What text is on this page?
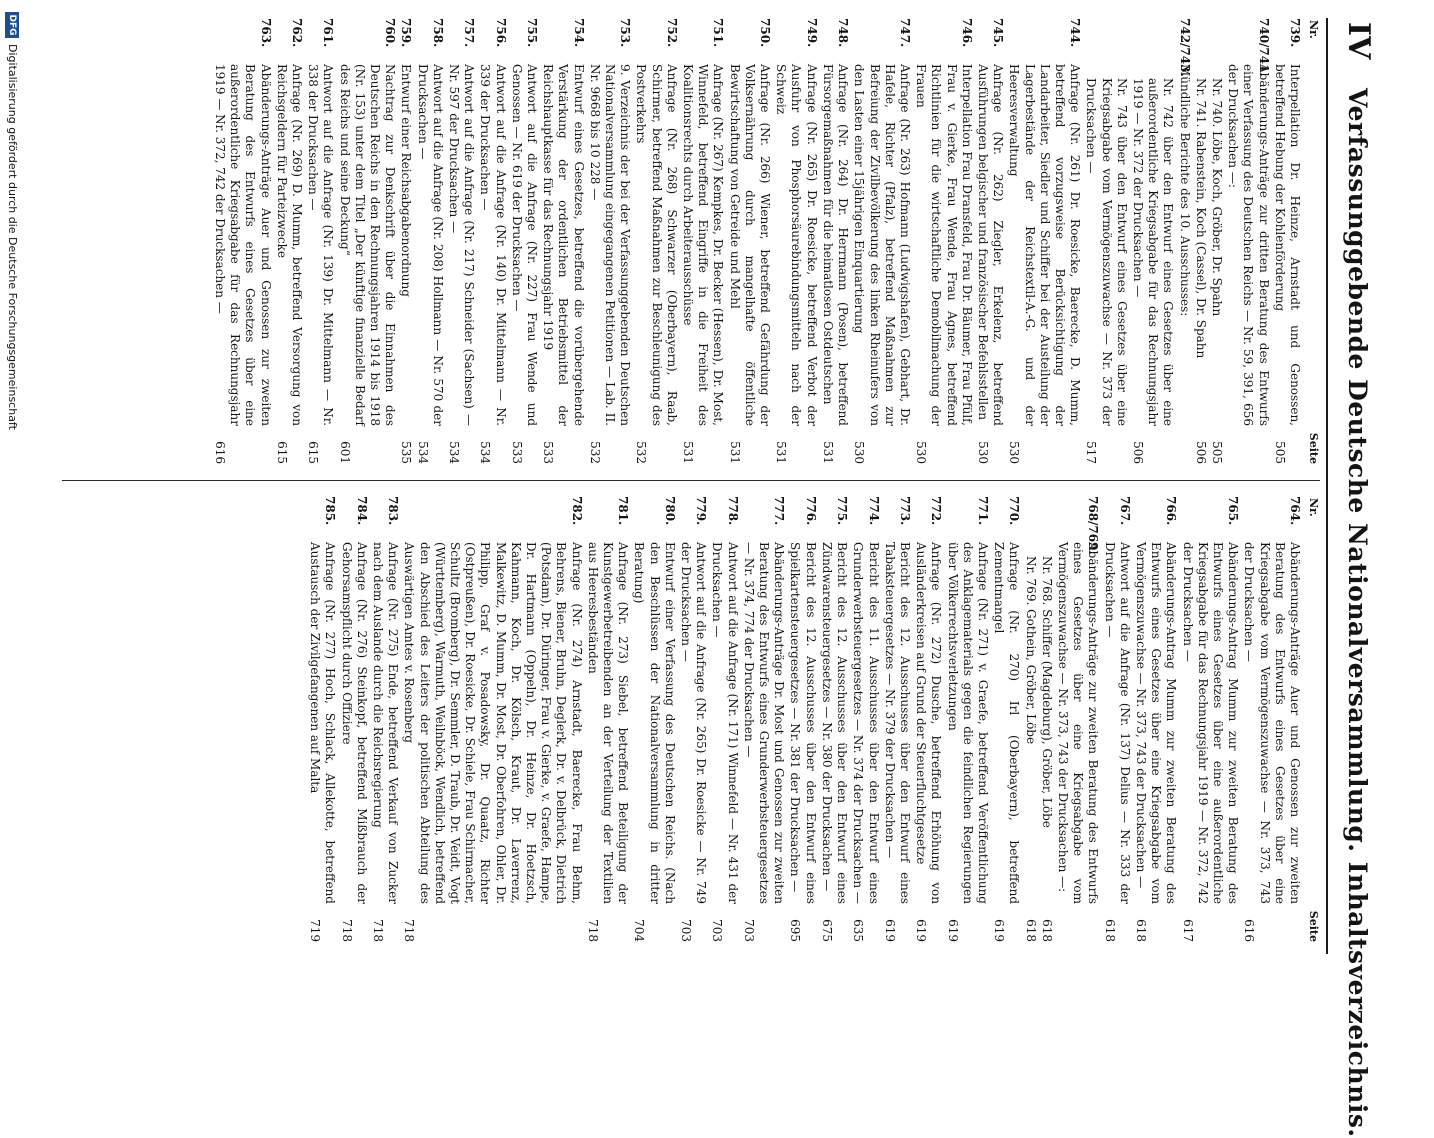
IV
Verfassunggebende Deutsche Nationalversammlung. Inhaltsverzeichnis.
Nr.
Seite
739.
Interpellation Dr. Heinze, Arnstadt und Genossen, betreffend Hebung der Kohlenförderung
505
740/741.
Abänderungs-Anträge zur dritten Beratung des Entwurfs einer Verfassung des Deutschen Reichs — Nr. 59, 391, 656 der Drucksachen —:
Nr. 740. Löbe, Koch, Gröber, Dr. Spahn
505
Nr. 741. Rabenstein, Koch (Cassel), Dr. Spahn
506
742/743.
Mündliche Berichte des 10. Ausschusses:
Nr. 742 über den Entwurf eines Gesetzes über eine außerordentliche Kriegsabgabe für das Rechnungsjahr 1919 — Nr. 372 der Drucksachen —
506
Nr. 743 über den Entwurf eines Gesetzes über eine Kriegsabgabe vom Vermögenszuwachse — Nr. 373 der Drucksachen —
517
744.
Anfrage (Nr. 261) Dr. Roesicke, Baerecke, D. Mumm, betreffend vorzugsweise Berücksichtigung der Landarbeiter, Siedler und Schiffer bei der Austeilung der Lagerbestände der Reichstextil-A.-G. und der Heeresverwaltung
530
745.
Anfrage (Nr. 262) Ziegler, Erkelenz, betreffend Ausführungen belgischer und französischer Befehlsstellen
530
746.
Interpellation Frau Dransfeld, Frau Dr. Bäumer, Frau Pfülf, Frau v. Gierke, Frau Wende, Frau Agnes, betreffend Richtlinien für die wirtschaftliche Demobilmachung der Frauen
530
747.
Anfrage (Nr. 263) Hofmann (Ludwigshafen), Gebhart, Dr. Hafele, Richter (Pfalz), betreffend Maßnahmen zur Befreiung der Zivilbevölkerung des linken Rheinufers von den Lasten einer 15jährigen Einquartierung
530
748.
Anfrage (Nr. 264) Dr. Herrmann (Posen), betreffend Fürsorgemaßnahmen für die heimatlosen Ostdeutschen
531
749.
Anfrage (Nr. 265) Dr. Roesicke, betreffend Verbot der Ausfuhr von Phosphorsäurebindungsmitteln nach der Schweiz
531
750.
Anfrage (Nr. 266) Wiener, betreffend Gefährdung der Volksernährung durch mangelhafte öffentliche Bewirtschaftung von Getreide und Mehl
531
751.
Anfrage (Nr. 267) Kempkes, Dr. Becker (Hessen), Dr. Most, Winnefeld, betreffend Eingriffe in die Freiheit des Koalitionsrechts durch Arbeiterausschüsse
531
752.
Anfrage (Nr. 268) Schwarzer (Oberbayern), Raab, Schirmer, betreffend Maßnahmen zur Beschleunigung des Postverkehrs
532
753.
9. Verzeichnis der bei der Verfassunggebenden Deutschen Nationalversammlung eingegangenen Petitionen — Lab. II. Nr. 9668 bis 10 228 —
532
754.
Entwurf eines Gesetzes, betreffend die vorübergehende Verstärkung der ordentlichen Betriebsmittel der Reichshauptkasse für das Rechnungsjahr 1919
533
755.
Antwort auf die Anfrage (Nr. 227) Frau Wende und Genossen — Nr. 619 der Drucksachen —
533
756.
Antwort auf die Anfrage (Nr. 140) Dr. Mittelmann — Nr. 339 der Drucksachen —
534
757.
Antwort auf die Anfrage (Nr. 217) Schneider (Sachsen) — Nr. 597 der Drucksachen —
534
758.
Antwort auf die Anfrage (Nr. 208) Hollmann — Nr. 570 der Drucksachen —
534
759.
Entwurf einer Reichsabgabenordnung
535
760.
Nachtrag zur Denkschrift über die Einnahmen des Deutschen Reichs in den Rechnungsjahren 1914 bis 1918 (Nr. 153) unter dem Titel „Der künftige finanzielle Bedarf des Reichs und seine Deckung“
601
761.
Antwort auf die Anfrage (Nr. 139) Dr. Mittelmann — Nr. 338 der Drucksachen —
615
762.
Anfrage (Nr. 269) D. Mumm, betreffend Versorgung von Reichsgeldern für Parteizwecke
615
763.
Abänderungs-Anträge Auer und Genossen zur zweiten Beratung des Entwurfs eines Gesetzes über eine außerordentliche Kriegsabgabe für das Rechnungsjahr 1919 — Nr. 372, 742 der Drucksachen —
616
Nr.
Seite
764.
Abänderungs-Anträge Auer und Genossen zur zweiten Beratung des Entwurfs eines Gesetzes über eine Kriegsabgabe vom Vermögenszuwachse — Nr. 373, 743 der Drucksachen —
616
765.
Abänderungs-Antrag Mumm zur zweiten Beratung des Entwurfs eines Gesetzes über eine außerordentliche Kriegsabgabe für das Rechnungsjahr 1919 — Nr. 372, 742 der Drucksachen —
617
766.
Abänderungs-Antrag Mumm zur zweiten Beratung des Entwurfs eines Gesetzes über eine Kriegsabgabe vom Vermögenszuwachse — Nr. 373, 743 der Drucksachen —
618
767.
Antwort auf die Anfrage (Nr. 137) Delius — Nr. 333 der Drucksachen —
618
768/769.
Abänderungs-Anträge zur zweiten Beratung des Entwurfs eines Gesetzes über eine Kriegsabgabe vom Vermögenszuwachse — Nr. 373, 743 der Drucksachen —:
Nr. 768. Schiffer (Magdeburg), Gröber, Löbe
618
Nr. 769. Gothein, Gröber, Löbe
618
770.
Anfrage (Nr. 270) Irl (Oberbayern), betreffend Zementmangel
619
771.
Anfrage (Nr. 271) v. Graefe, betreffend Veröffentlichung des Anklagematerials gegen die feindlichen Regierungen über Völkerrechtsverletzungen
619
772.
Anfrage (Nr. 272) Dusche, betreffend Erhöhung von Ausländerkreisen auf Grund der Steuerfluchtgesetze
619
773.
Bericht des 12. Ausschusses über den Entwurf eines Tabaksteuergesetzes — Nr. 379 der Drucksachen —
619
774.
Bericht des 11. Ausschusses über den Entwurf eines Grunderwerbsteuergesetzes — Nr. 374 der Drucksachen —
635
775.
Bericht des 12. Ausschusses über den Entwurf eines Zündwarensteuergesetzes — Nr. 380 der Drucksachen —
675
776.
Bericht des 12. Ausschusses über den Entwurf eines Spielkartensteuergesetzes — Nr. 381 der Drucksachen —
695
777.
Abänderungs-Anträge Dr. Most und Genossen zur zweiten Beratung des Entwurfs eines Grunderwerbsteuergesetzes — Nr. 374, 774 der Drucksachen —
703
778.
Antwort auf die Anfrage (Nr. 171) Winnefeld — Nr. 431 der Drucksachen —
703
779.
Antwort auf die Anfrage (Nr. 265) Dr. Roesicke — Nr. 749 der Drucksachen —
703
780.
Entwurf einer Verfassung des Deutschen Reichs. (Nach den Beschlüssen der Nationalversammlung in dritter Beratung)
704
781.
Anfrage (Nr. 273) Siebel, betreffend Beteiligung der Kunstgewerbetreibenden an der Verteilung der Textilien aus Heeresbeständen
718
782.
Anfrage (Nr. 274) Arnstadt, Baerecke, Frau Behm, Behrens, Biener, Bruhn, Deglerk, Dr. v. Delbrück, Dietrich (Potsdam), Dr. Düringer, Frau v. Gierke, v. Graefe, Hampe, Dr. Hartmann (Oppeln), Dr. Heinze, Dr. Hoetzsch, Kahmann, Koch, Dr. Kölsch, Kraut, Dr. Laverrenz, Malkewitz, D. Mumm, Dr. Most, Dr. Oberfohren, Ohler, Dr. Philipp, Graf v. Posadowsky, Dr. Quaatz, Richter (Ostpreußen), Dr. Roesicke, Dr. Schiele, Frau Schirmacher, Schultz (Bromberg), Dr. Semmler, D. Traub, Dr. Veidt, Vogt (Württemberg), Warmuth, Weilnböck, Wendlich, betreffend den Abschied des Leiters der politischen Abteilung des Auswärtigen Amtes v. Rosenberg
718
783.
Anfrage (Nr. 275) Ende, betreffend Verkauf von Zucker nach dem Auslande durch die Reichsregierung
718
784.
Anfrage (Nr. 276) Steinkopf, betreffend Mißbrauch der Gehorsamspflicht durch Offiziere
718
785.
Anfrage (Nr. 277) Hoch, Schlack, Allekotte, betreffend Austausch der Zivilgefangenen auf Malta
719
DFG
Digitalisierung gefördert durch die Deutsche Forschungsgemeinschaft
